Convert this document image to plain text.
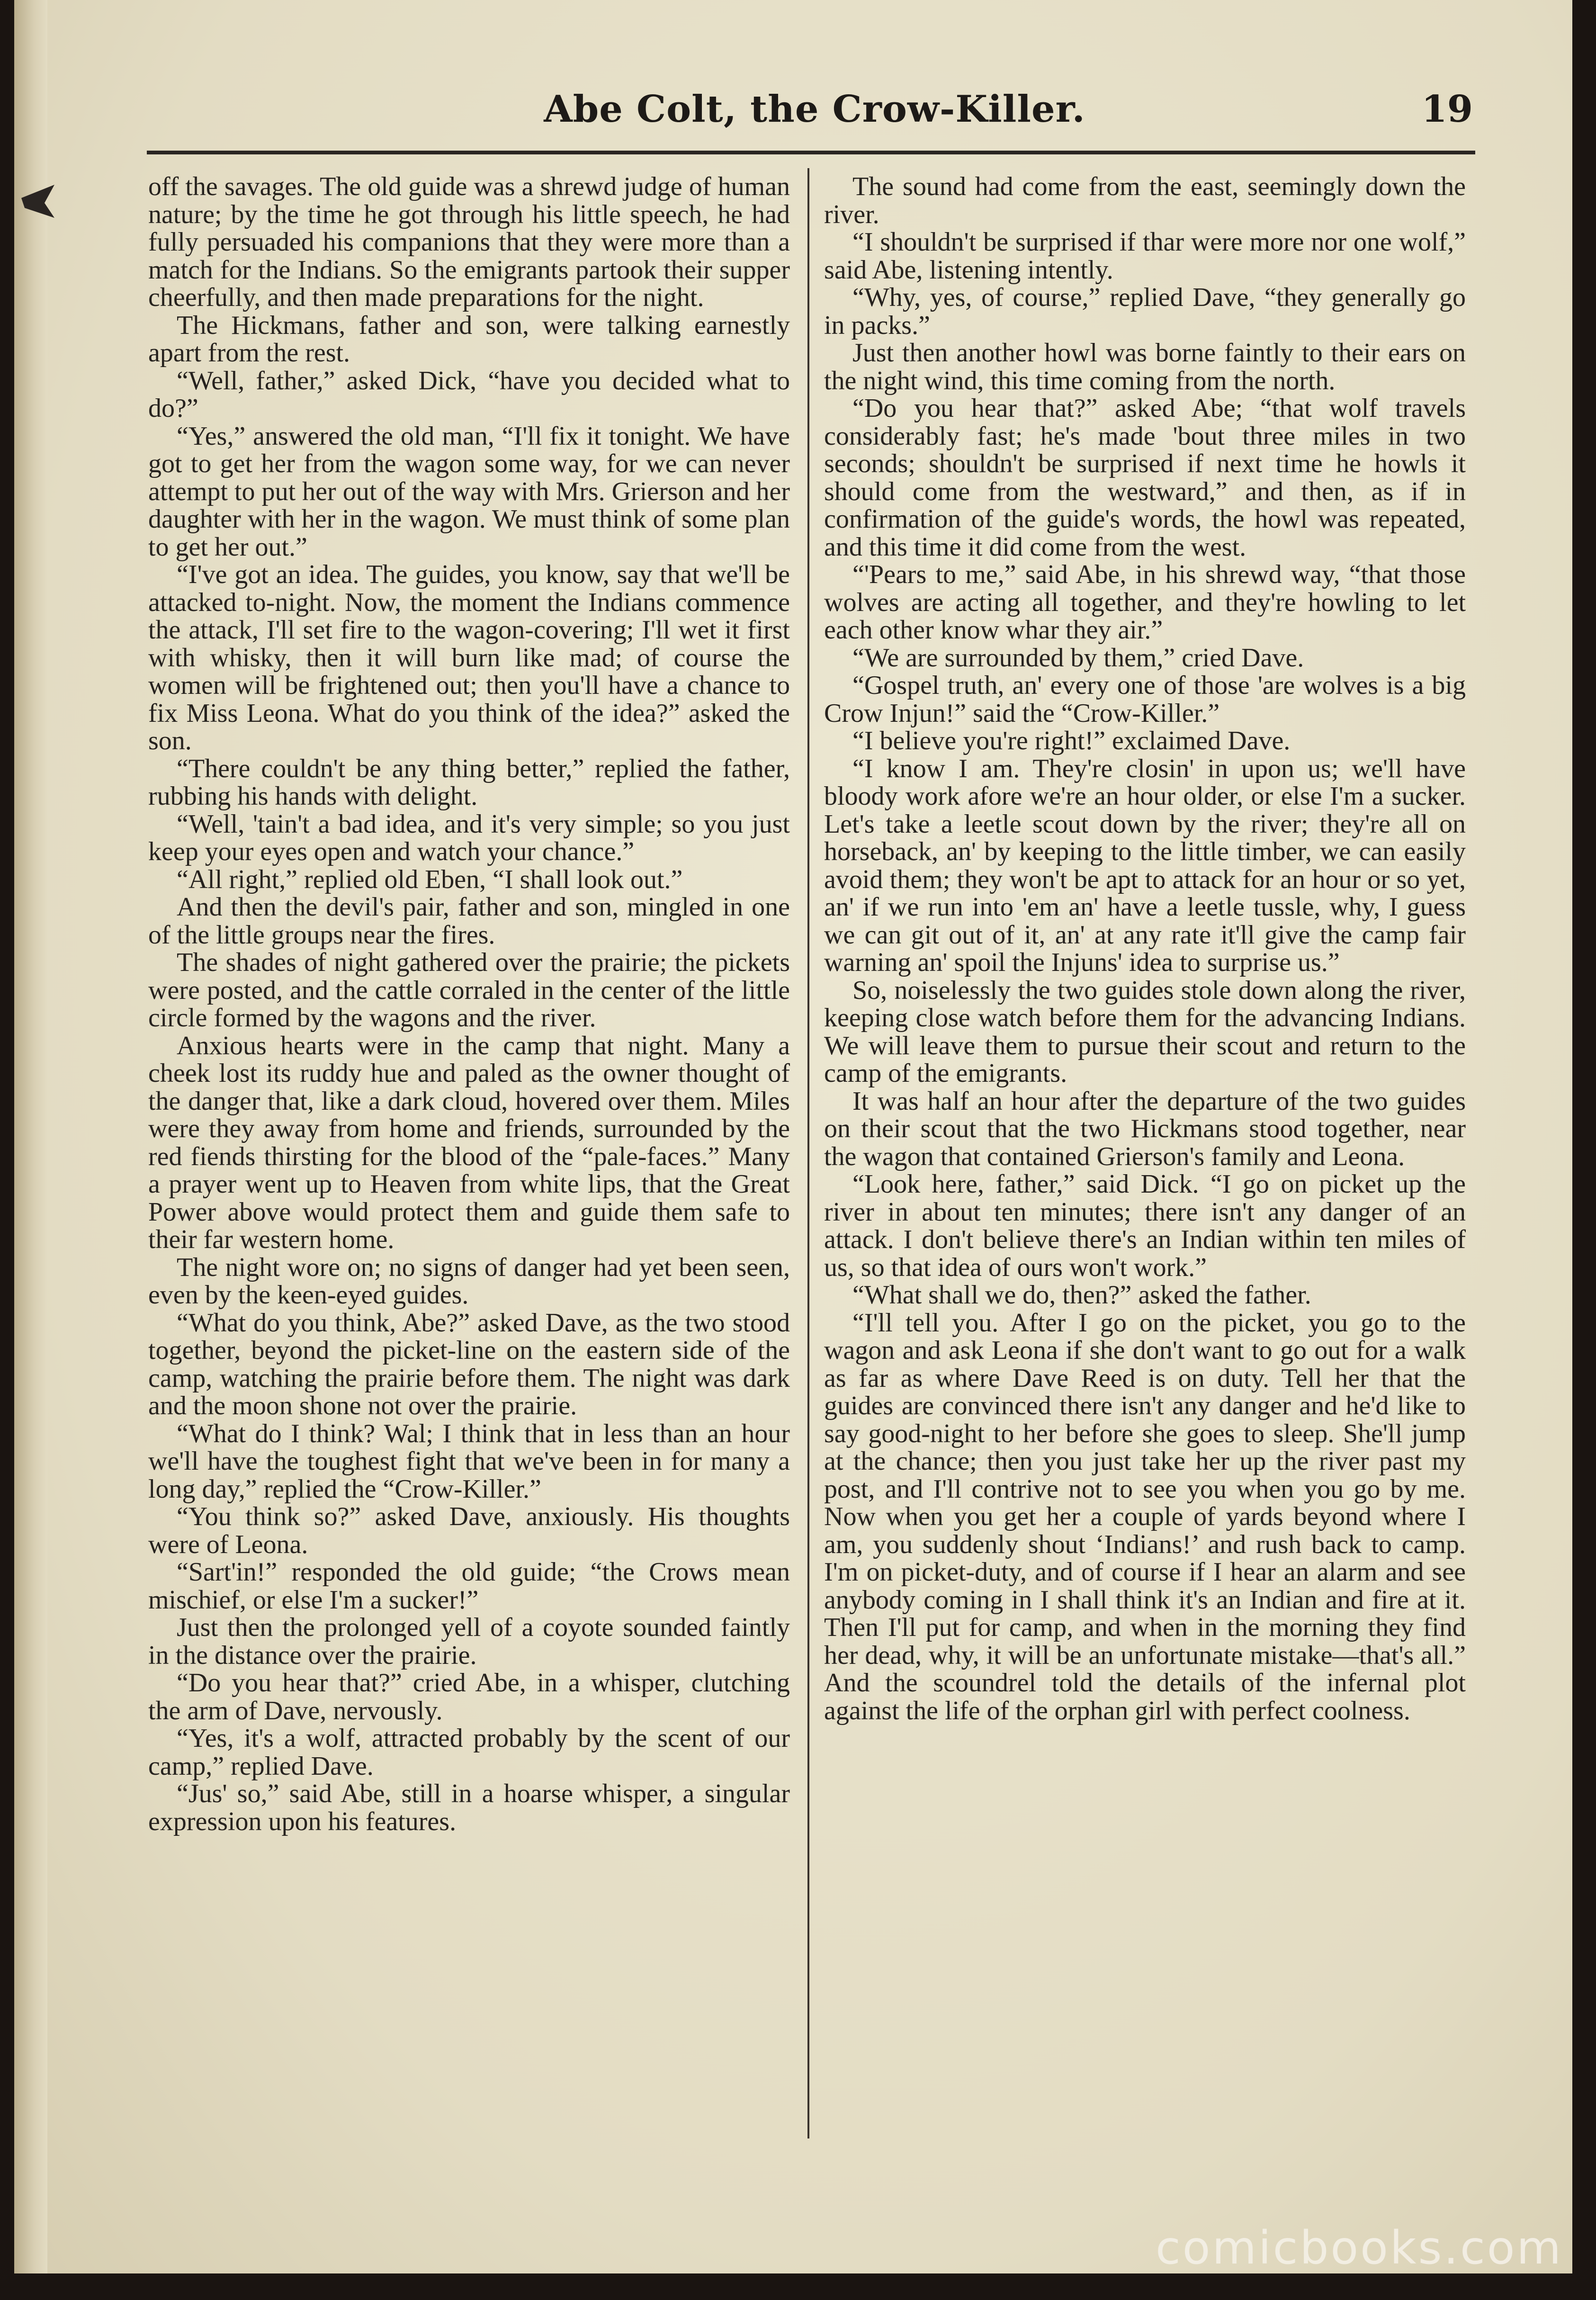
Abe Colt, the Crow-Killer.	19

off the savages. The old guide was a shrewd judge of human nature; by the time he got through his little speech, he had fully persuaded his companions that they were more than a match for the Indians. So the emigrants partook their supper cheerfully, and then made preparations for the night.

The Hickmans, father and son, were talking earnestly apart from the rest.

“Well, father,” asked Dick, “have you decided what to do?”

“Yes,” answered the old man, “I'll fix it tonight. We have got to get her from the wagon some way, for we can never attempt to put her out of the way with Mrs. Grierson and her daughter with her in the wagon. We must think of some plan to get her out.”

“I've got an idea. The guides, you know, say that we'll be attacked to-night. Now, the moment the Indians commence the attack, I'll set fire to the wagon-covering; I'll wet it first with whisky, then it will burn like mad; of course the women will be frightened out; then you'll have a chance to fix Miss Leona. What do you think of the idea?” asked the son.

“There couldn't be any thing better,” replied the father, rubbing his hands with delight.

“Well, 'tain't a bad idea, and it's very simple; so you just keep your eyes open and watch your chance.”

“All right,” replied old Eben, “I shall look out.”

And then the devil's pair, father and son, mingled in one of the little groups near the fires.

The shades of night gathered over the prairie; the pickets were posted, and the cattle corraled in the center of the little circle formed by the wagons and the river.

Anxious hearts were in the camp that night. Many a cheek lost its ruddy hue and paled as the owner thought of the danger that, like a dark cloud, hovered over them. Miles were they away from home and friends, surrounded by the red fiends thirsting for the blood of the “pale-faces.” Many a prayer went up to Heaven from white lips, that the Great Power above would protect them and guide them safe to their far western home.

The night wore on; no signs of danger had yet been seen, even by the keen-eyed guides.

“What do you think, Abe?” asked Dave, as the two stood together, beyond the picket-line on the eastern side of the camp, watching the prairie before them. The night was dark and the moon shone not over the prairie.

“What do I think? Wal; I think that in less than an hour we'll have the toughest fight that we've been in for many a long day,” replied the “Crow-Killer.”

“You think so?” asked Dave, anxiously. His thoughts were of Leona.

“Sart'in!” responded the old guide; “the Crows mean mischief, or else I'm a sucker!”

Just then the prolonged yell of a coyote sounded faintly in the distance over the prairie.

“Do you hear that?” cried Abe, in a whisper, clutching the arm of Dave, nervously.

“Yes, it's a wolf, attracted probably by the scent of our camp,” replied Dave.

“Jus' so,” said Abe, still in a hoarse whisper, a singular expression upon his features.

The sound had come from the east, seemingly down the river.

“I shouldn't be surprised if thar were more nor one wolf,” said Abe, listening intently.

“Why, yes, of course,” replied Dave, “they generally go in packs.”

Just then another howl was borne faintly to their ears on the night wind, this time coming from the north.

“Do you hear that?” asked Abe; “that wolf travels considerably fast; he's made 'bout three miles in two seconds; shouldn't be surprised if next time he howls it should come from the westward,” and then, as if in confirmation of the guide's words, the howl was repeated, and this time it did come from the west.

“'Pears to me,” said Abe, in his shrewd way, “that those wolves are acting all together, and they're howling to let each other know whar they air.”

“We are surrounded by them,” cried Dave.

“Gospel truth, an' every one of those 'are wolves is a big Crow Injun!” said the “Crow-Killer.”

“I believe you're right!” exclaimed Dave.

“I know I am. They're closin' in upon us; we'll have bloody work afore we're an hour older, or else I'm a sucker. Let's take a leetle scout down by the river; they're all on horseback, an' by keeping to the little timber, we can easily avoid them; they won't be apt to attack for an hour or so yet, an' if we run into 'em an' have a leetle tussle, why, I guess we can git out of it, an' at any rate it'll give the camp fair warning an' spoil the Injuns' idea to surprise us.”

So, noiselessly the two guides stole down along the river, keeping close watch before them for the advancing Indians. We will leave them to pursue their scout and return to the camp of the emigrants.

It was half an hour after the departure of the two guides on their scout that the two Hickmans stood together, near the wagon that contained Grierson's family and Leona.

“Look here, father,” said Dick. “I go on picket up the river in about ten minutes; there isn't any danger of an attack. I don't believe there's an Indian within ten miles of us, so that idea of ours won't work.”

“What shall we do, then?” asked the father.

“I'll tell you. After I go on the picket, you go to the wagon and ask Leona if she don't want to go out for a walk as far as where Dave Reed is on duty. Tell her that the guides are convinced there isn't any danger and he'd like to say good-night to her before she goes to sleep. She'll jump at the chance; then you just take her up the river past my post, and I'll contrive not to see you when you go by me. Now when you get her a couple of yards beyond where I am, you suddenly shout ‘Indians!’ and rush back to camp. I'm on picket-duty, and of course if I hear an alarm and see anybody coming in I shall think it's an Indian and fire at it. Then I'll put for camp, and when in the morning they find her dead, why, it will be an unfortunate mistake—that's all.” And the scoundrel told the details of the infernal plot against the life of the orphan girl with perfect coolness.

comicbooks.com
